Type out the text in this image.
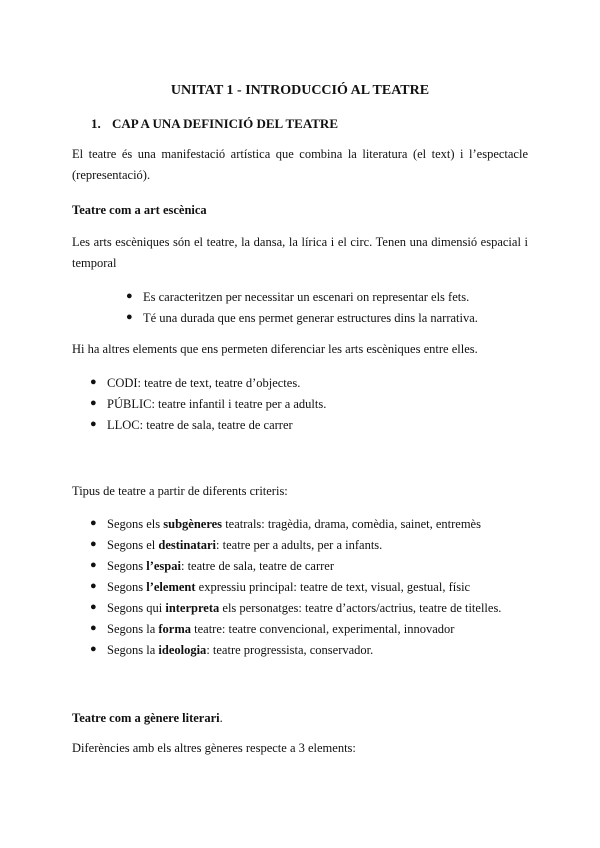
UNITAT 1 - INTRODUCCIÓ AL TEATRE
1. CAP A UNA DEFINICIÓ DEL TEATRE
El teatre és una manifestació artística que combina la literatura (el text) i l’espectacle (representació).
Teatre com a art escènica
Les arts escèniques són el teatre, la dansa, la lírica i el circ. Tenen una dimensió espacial i temporal
● Es caracteritzen per necessitar un escenari on representar els fets.
● Té una durada que ens permet generar estructures dins la narrativa.
Hi ha altres elements que ens permeten diferenciar les arts escèniques entre elles.
● CODI: teatre de text, teatre d’objectes.
● PÚBLIC: teatre infantil i teatre per a adults.
● LLOC: teatre de sala, teatre de carrer
Tipus de teatre a partir de diferents criteris:
● Segons els subgèneres teatrals: tragèdia, drama, comèdia, sainet, entremès
● Segons el destinatari: teatre per a adults, per a infants.
● Segons l’espai: teatre de sala, teatre de carrer
● Segons l’element expressiu principal: teatre de text, visual, gestual, físic
● Segons qui interpreta els personatges: teatre d’actors/actrius, teatre de titelles.
● Segons la forma teatre: teatre convencional, experimental, innovador
● Segons la ideologia: teatre progressista, conservador.
Teatre com a gènere literari.
Diferències amb els altres gèneres respecte a 3 elements:
